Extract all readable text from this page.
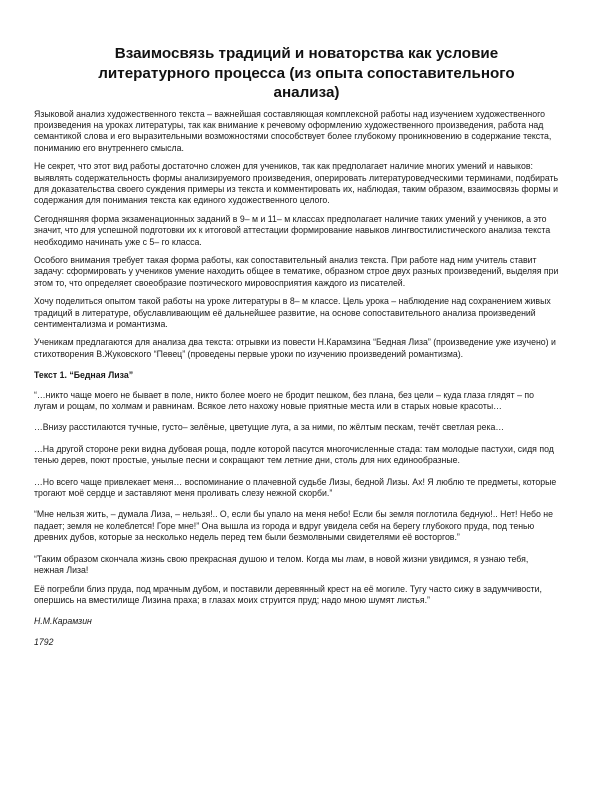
Взаимосвязь традиций и новаторства как условие литературного процесса (из опыта сопоставительного анализа)

Языковой анализ художественного текста – важнейшая составляющая комплексной работы над изучением художественного произведения на уроках литературы, так как внимание к речевому оформлению художественного произведения, работа над семантикой слова и его выразительными возможностями способствует более глубокому проникновению в содержание текста, пониманию его внутреннего смысла.

Не секрет, что этот вид работы достаточно сложен для учеников, так как предполагает наличие многих умений и навыков: выявлять содержательность формы анализируемого произведения, оперировать литературоведческими терминами, подбирать для доказательства своего суждения примеры из текста и комментировать их, наблюдая, таким образом, взаимосвязь формы и содержания для понимания текста как единого художественного целого.

Сегодняшняя форма экзаменационных заданий в 9– м и 11– м классах предполагает наличие таких умений у учеников, а это значит, что для успешной подготовки их к итоговой аттестации формирование навыков лингвостилистического анализа текста необходимо начинать уже с 5– го класса.

Особого внимания требует такая форма работы, как сопоставительный анализ текста. При работе над ним учитель ставит задачу: сформировать у учеников умение находить общее в тематике, образном строе двух разных произведений, выделяя при этом то, что определяет своеобразие поэтического мировосприятия каждого из писателей.

Хочу поделиться опытом такой работы на уроке литературы в 8– м классе. Цель урока – наблюдение над сохранением живых традиций в литературе, обуславливающим её дальнейшее развитие, на основе сопоставительного анализа произведений сентиментализма и романтизма.

Ученикам предлагаются для анализа два текста: отрывки из повести Н.Карамзина “Бедная Лиза” (произведение уже изучено) и стихотворения В.Жуковского “Певец” (проведены первые уроки по изучению произведений романтизма).

Текст 1. “Бедная Лиза”

“…никто чаще моего не бывает в поле, никто более моего не бродит пешком, без плана, без цели – куда глаза глядят – по лугам и рощам, по холмам и равнинам. Всякое лето нахожу новые приятные места или в старых новые красоты…

…Внизу расстилаются тучные, густо– зелёные, цветущие луга, а за ними, по жёлтым пескам, течёт светлая река…

…На другой стороне реки видна дубовая роща, подле которой пасутся многочисленные стада: там молодые пастухи, сидя под тенью дерев, поют простые, унылые песни и сокращают тем летние дни, столь для них единообразные.

…Но всего чаще привлекает меня… воспоминание о плачевной судьбе Лизы, бедной Лизы. Ах! Я люблю те предметы, которые трогают моё сердце и заставляют меня проливать слезу нежной скорби.”

“Мне нельзя жить, – думала Лиза, – нельзя!.. О, если бы упало на меня небо! Если бы земля поглотила бедную!.. Нет! Небо не падает; земля не колеблется! Горе мне!” Она вышла из города и вдруг увидела себя на берегу глубокого пруда, под тенью древних дубов, которые за несколько недель перед тем были безмолвными свидетелями её восторгов.”

“Таким образом скончала жизнь свою прекрасная душою и телом. Когда мы там, в новой жизни увидимся, я узнаю тебя, нежная Лиза!

Её погребли близ пруда, под мрачным дубом, и поставили деревянный крест на её могиле. Тугу часто сижу в задумчивости, опершись на вместилище Лизина праха; в глазах моих струится пруд; надо мною шумят листья.”

Н.М.Карамзин

1792
